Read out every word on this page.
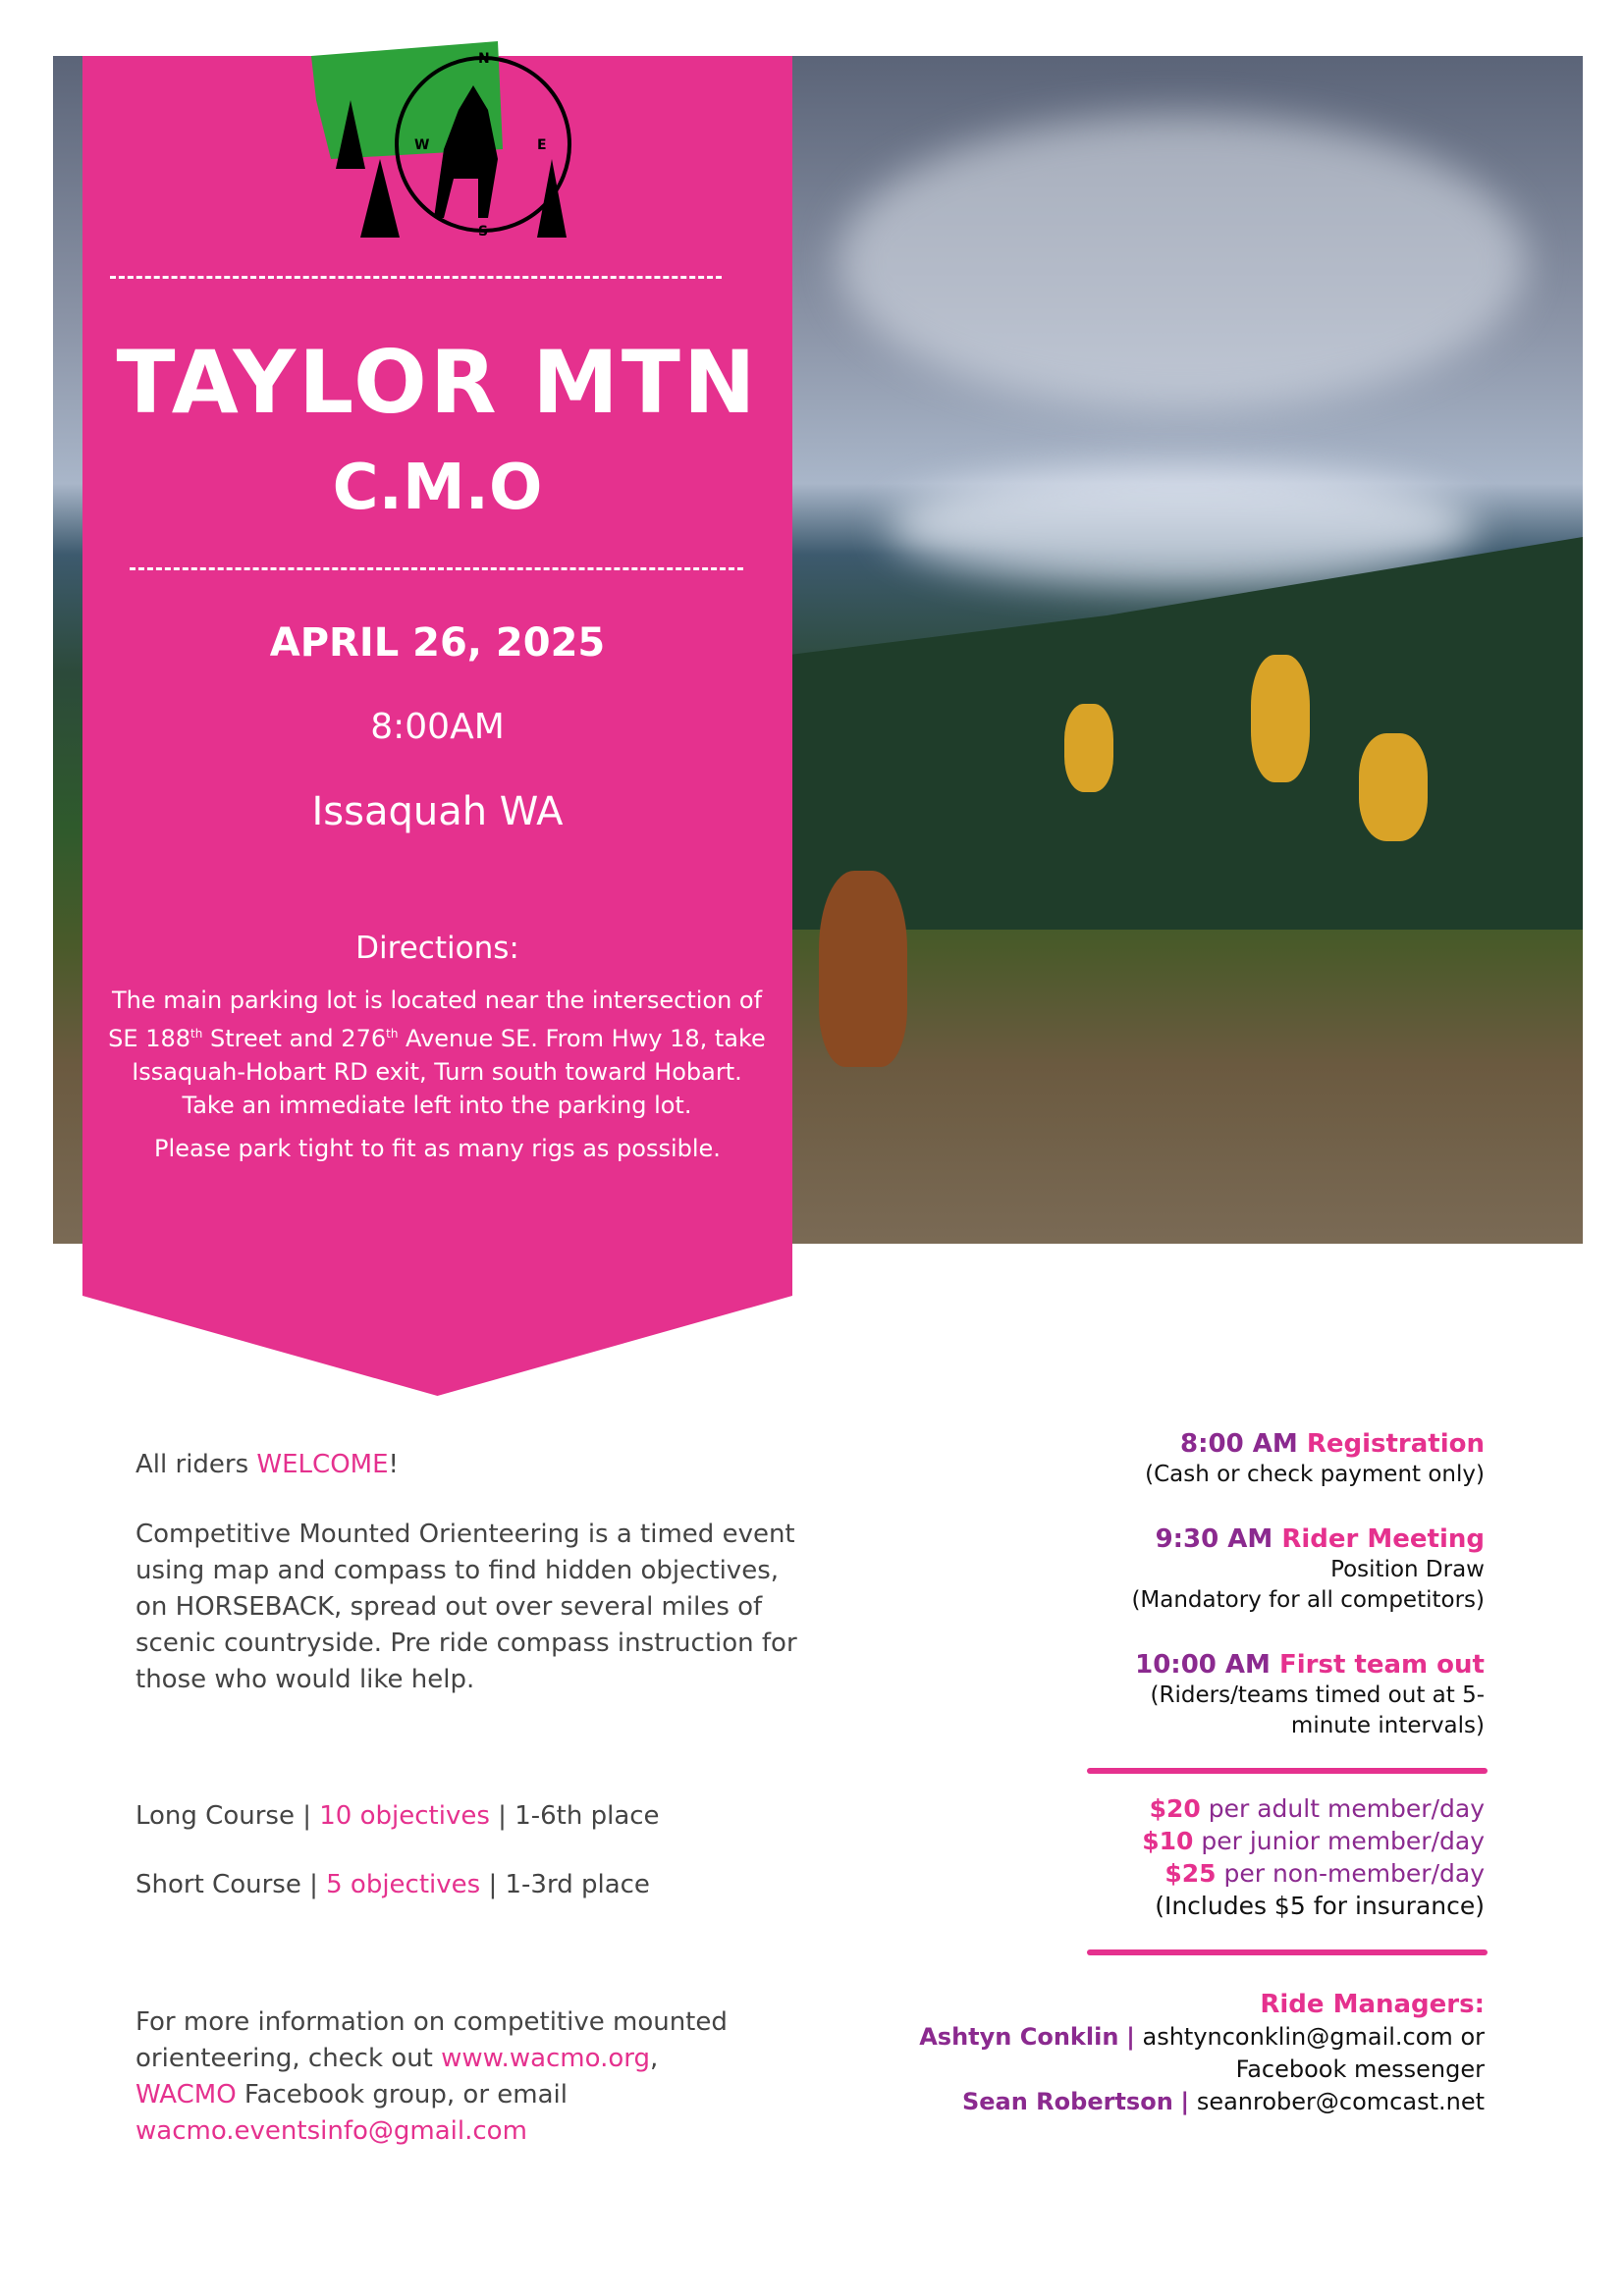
N
E
S
W
TAYLOR MTN
C.M.O
APRIL 26, 2025
8:00AM
Issaquah WA
Directions:
The main parking lot is located near the intersection of SE 188th Street and 276th Avenue SE. From Hwy 18, take Issaquah-Hobart RD exit, Turn south toward Hobart. Take an immediate left into the parking lot.
Please park tight to fit as many rigs as possible.
All riders WELCOME!
Competitive Mounted Orienteering is a timed event using map and compass to find hidden objectives, on HORSEBACK, spread out over several miles of scenic countryside. Pre ride compass instruction for those who would like help.
Long Course | 10 objectives | 1-6th place
Short Course | 5 objectives | 1-3rd place
For more information on competitive mounted orienteering, check out www.wacmo.org, WACMO Facebook group, or email wacmo.eventsinfo@gmail.com
8:00 AM Registration
(Cash or check payment only)
9:30 AM Rider Meeting
Position Draw
(Mandatory for all competitors)
10:00 AM First team out
(Riders/teams timed out at 5-
minute intervals)
$20 per adult member/day
$10 per junior member/day
$25 per non-member/day
(Includes $5 for insurance)
Ride Managers:
Ashtyn Conklin | ashtynconklin@gmail.com or
Facebook messenger
Sean Robertson | seanrober@comcast.net
